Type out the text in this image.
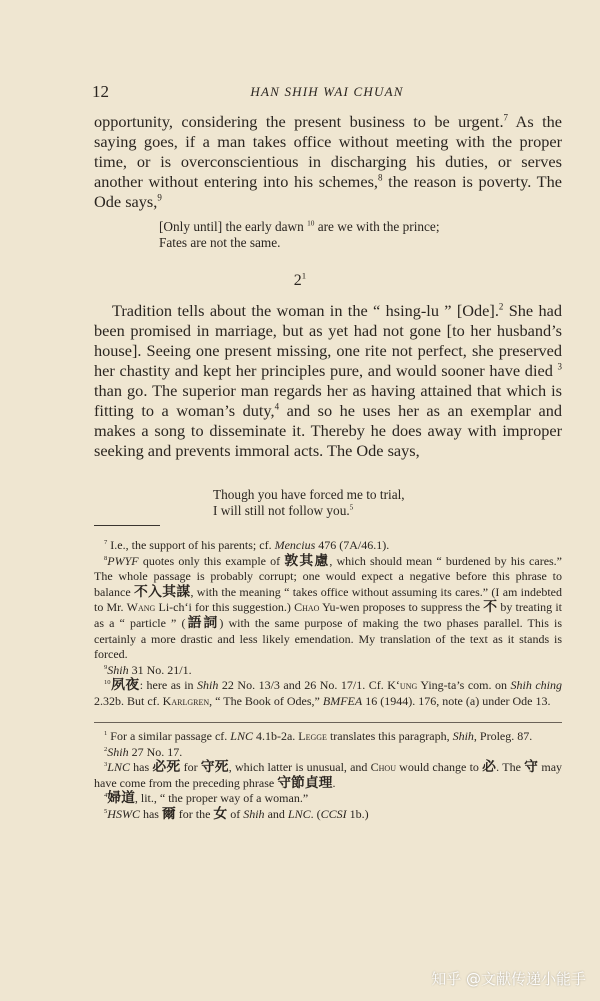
12	HAN SHIH WAI CHUAN
opportunity, considering the present business to be urgent.$^7$ As the saying goes, if a man takes office without meeting with the proper time, or is overconscientious in discharging his duties, or serves another without entering into his schemes,$^8$ the reason is poverty. The Ode says,$^9$
[Only until] the early dawn $^{10}$ are we with the prince;
Fates are not the same.
$2^1$
Tradition tells about the woman in the “ hsing-lu ” [Ode].$^2$ She had been promised in marriage, but as yet had not gone [to her husband’s house]. Seeing one present missing, one rite not perfect, she preserved her chastity and kept her principles pure, and would sooner have died $^3$ than go. The superior man regards her as having attained that which is fitting to a woman’s duty,$^4$ and so he uses her as an exemplar and makes a song to disseminate it. Thereby he does away with improper seeking and prevents immoral acts. The Ode says,
Though you have forced me to trial,
I will still not follow you.$^5$

$^7$ I.e., the support of his parents; cf. Mencius 476 (7A/46.1).

$^8$PWYF quotes only this example of 敦其慮, which should mean “ burdened by his cares.” The whole passage is probably corrupt; one would expect a negative before this phrase to balance 不入其謀, with the meaning “ takes office without assuming its cares.” (I am indebted to Mr. Wang Li-ch‘i for this suggestion.) Chao Yu-wen proposes to suppress the 不 by treating it as a “ particle ” (語詞) with the same purpose of making the two phases parallel. This is certainly a more drastic and less likely emendation. My translation of the text as it stands is forced.

$^9$Shih 31 No. 21/1.

$^{10}$夙夜: here as in Shih 22 No. 13/3 and 26 No. 17/1. Cf. K‘ung Ying-ta’s com. on Shih ching 2.32b. But cf. Karlgren, “ The Book of Odes,” BMFEA 16 (1944). 176, note (a) under Ode 13.

$^1$ For a similar passage cf. LNC 4.1b-2a. Legge translates this paragraph, Shih, Proleg. 87.

$^2$Shih 27 No. 17.

$^3$LNC has 必死 for 守死, which latter is unusual, and Chou would change to 必. The 守 may have come from the preceding phrase 守節貞理.

$^4$婦道, lit., “ the proper way of a woman.”

$^5$HSWC has 爾 for the 女 of Shih and LNC. (CCSI 1b.)

知乎 @文献传递小能手
